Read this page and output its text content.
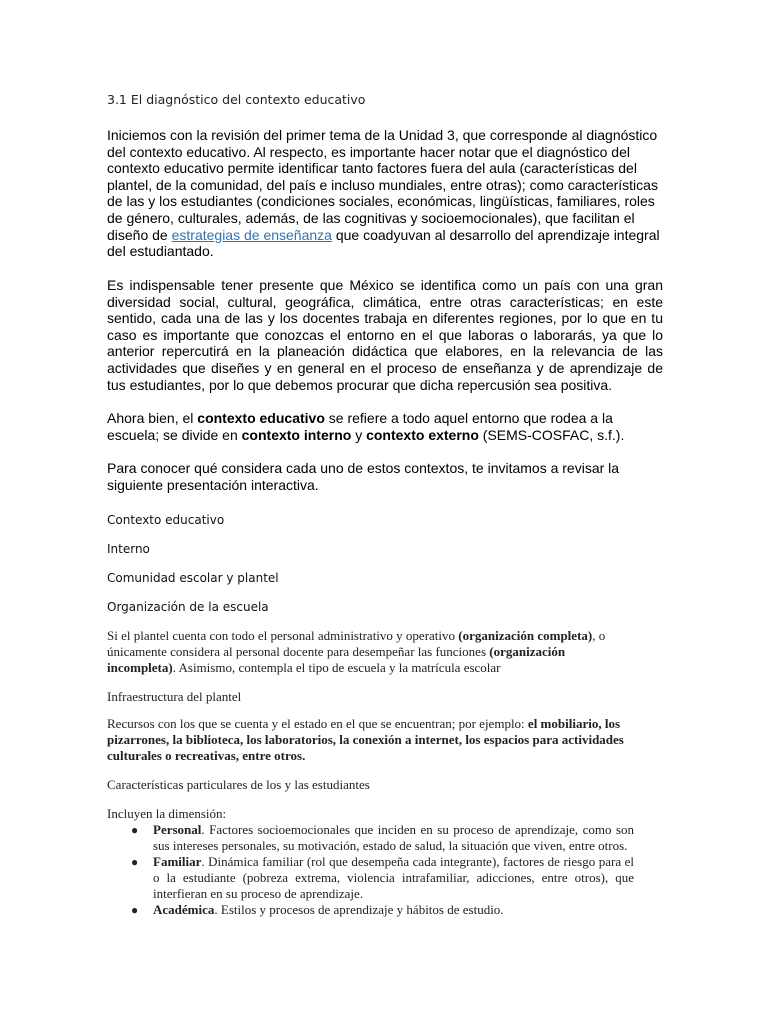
3.1 El diagnóstico del contexto educativo

Iniciemos con la revisión del primer tema de la Unidad 3, que corresponde al diagnóstico del contexto educativo. Al respecto, es importante hacer notar que el diagnóstico del contexto educativo permite identificar tanto factores fuera del aula (características del plantel, de la comunidad, del país e incluso mundiales, entre otras); como características de las y los estudiantes (condiciones sociales, económicas, lingüísticas, familiares, roles de género, culturales, además, de las cognitivas y socioemocionales), que facilitan el diseño de estrategias de enseñanza que coadyuvan al desarrollo del aprendizaje integral del estudiantado.

Es indispensable tener presente que México se identifica como un país con una gran diversidad social, cultural, geográfica, climática, entre otras características; en este sentido, cada una de las y los docentes trabaja en diferentes regiones, por lo que en tu caso es importante que conozcas el entorno en el que laboras o laborarás, ya que lo anterior repercutirá en la planeación didáctica que elabores, en la relevancia de las actividades que diseñes y en general en el proceso de enseñanza y de aprendizaje de tus estudiantes, por lo que debemos procurar que dicha repercusión sea positiva.

Ahora bien, el contexto educativo se refiere a todo aquel entorno que rodea a la escuela; se divide en contexto interno y contexto externo (SEMS-COSFAC, s.f.).

Para conocer qué considera cada uno de estos contextos, te invitamos a revisar la siguiente presentación interactiva.

Contexto educativo
Interno
Comunidad escolar y plantel
Organización de la escuela

Si el plantel cuenta con todo el personal administrativo y operativo (organización completa), o únicamente considera al personal docente para desempeñar las funciones (organización incompleta). Asimismo, contempla el tipo de escuela y la matrícula escolar

Infraestructura del plantel

Recursos con los que se cuenta y el estado en el que se encuentran; por ejemplo: el mobiliario, los pizarrones, la biblioteca, los laboratorios, la conexión a internet, los espacios para actividades culturales o recreativas, entre otros.

Características particulares de los y las estudiantes

Incluyen la dimensión:

● Personal. Factores socioemocionales que inciden en su proceso de aprendizaje, como son sus intereses personales, su motivación, estado de salud, la situación que viven, entre otros.
● Familiar. Dinámica familiar (rol que desempeña cada integrante), factores de riesgo para el o la estudiante (pobreza extrema, violencia intrafamiliar, adicciones, entre otros), que interfieran en su proceso de aprendizaje.
● Académica. Estilos y procesos de aprendizaje y hábitos de estudio.
